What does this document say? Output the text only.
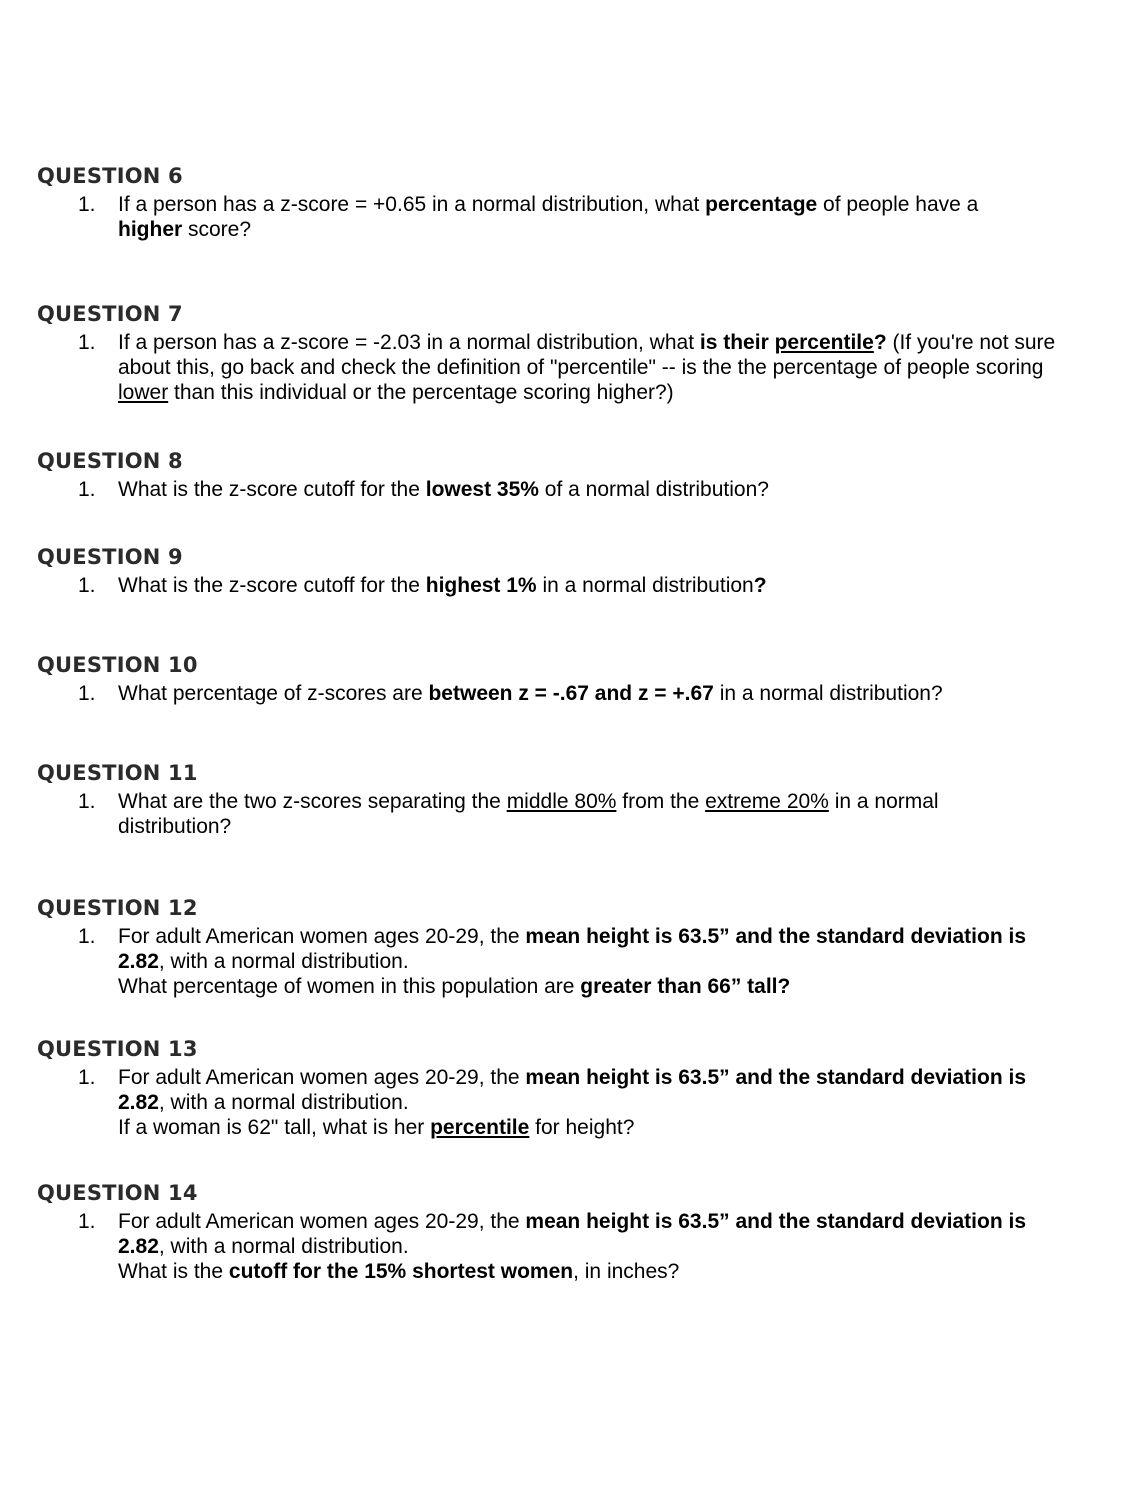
QUESTION 6
1. If a person has a z-score = +0.65 in a normal distribution, what percentage of people have a higher score?

QUESTION 7
1. If a person has a z-score = -2.03 in a normal distribution, what is their percentile? (If you're not sure about this, go back and check the definition of "percentile" -- is the the percentage of people scoring lower than this individual or the percentage scoring higher?)

QUESTION 8
1. What is the z-score cutoff for the lowest 35% of a normal distribution?

QUESTION 9
1. What is the z-score cutoff for the highest 1% in a normal distribution?

QUESTION 10
1. What percentage of z-scores are between z = -.67 and z = +.67 in a normal distribution?

QUESTION 11
1. What are the two z-scores separating the middle 80% from the extreme 20% in a normal distribution?

QUESTION 12
1. For adult American women ages 20-29, the mean height is 63.5” and the standard deviation is 2.82, with a normal distribution.

What percentage of women in this population are greater than 66” tall?

QUESTION 13
1. For adult American women ages 20-29, the mean height is 63.5” and the standard deviation is 2.82, with a normal distribution.

If a woman is 62" tall, what is her percentile for height?

QUESTION 14
1. For adult American women ages 20-29, the mean height is 63.5” and the standard deviation is 2.82, with a normal distribution.

What is the cutoff for the 15% shortest women, in inches?
